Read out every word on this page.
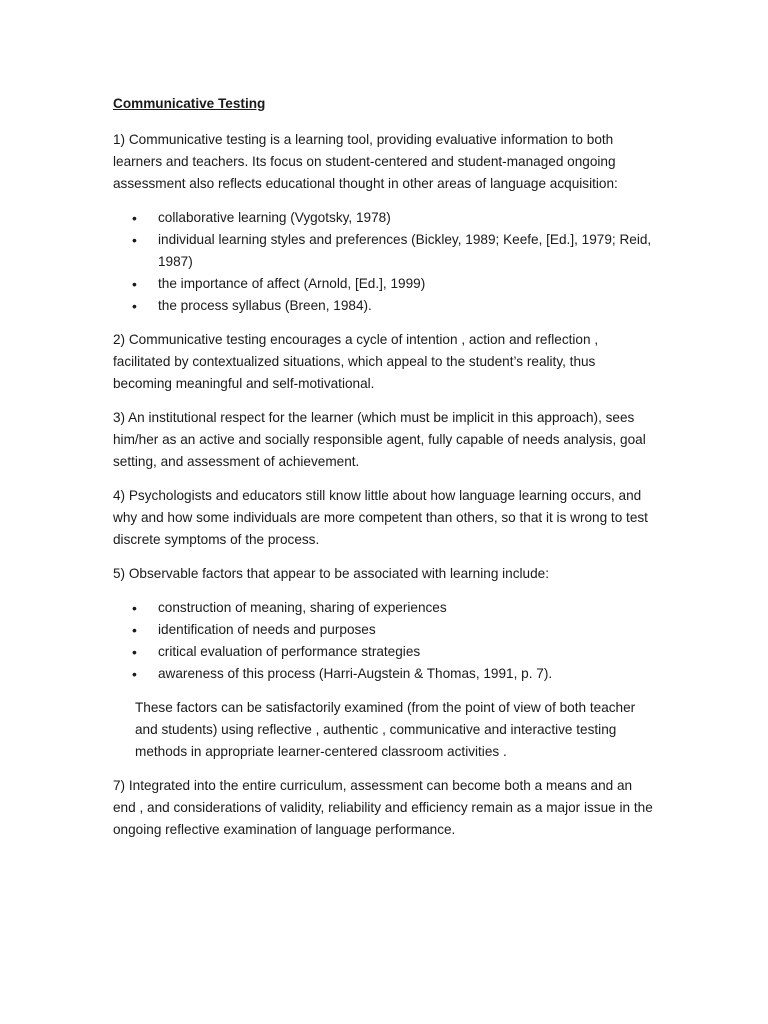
Communicative Testing

1) Communicative testing is a learning tool, providing evaluative information to both learners and teachers. Its focus on student-centered and student-managed ongoing assessment also reflects educational thought in other areas of language acquisition:

• collaborative learning (Vygotsky, 1978)
• individual learning styles and preferences (Bickley, 1989; Keefe, [Ed.], 1979; Reid, 1987)
• the importance of affect (Arnold, [Ed.], 1999)
• the process syllabus (Breen, 1984).

2) Communicative testing encourages a cycle of intention , action and reflection , facilitated by contextualized situations, which appeal to the student’s reality, thus becoming meaningful and self-motivational.

3) An institutional respect for the learner (which must be implicit in this approach), sees him/her as an active and socially responsible agent, fully capable of needs analysis, goal setting, and assessment of achievement.

4) Psychologists and educators still know little about how language learning occurs, and why and how some individuals are more competent than others, so that it is wrong to test discrete symptoms of the process.

5) Observable factors that appear to be associated with learning include:

• construction of meaning, sharing of experiences
• identification of needs and purposes
• critical evaluation of performance strategies
• awareness of this process (Harri-Augstein & Thomas, 1991, p. 7).

These factors can be satisfactorily examined (from the point of view of both teacher and students) using reflective , authentic , communicative and interactive testing methods in appropriate learner-centered classroom activities .

7) Integrated into the entire curriculum, assessment can become both a means and an end , and considerations of validity, reliability and efficiency remain as a major issue in the ongoing reflective examination of language performance.
